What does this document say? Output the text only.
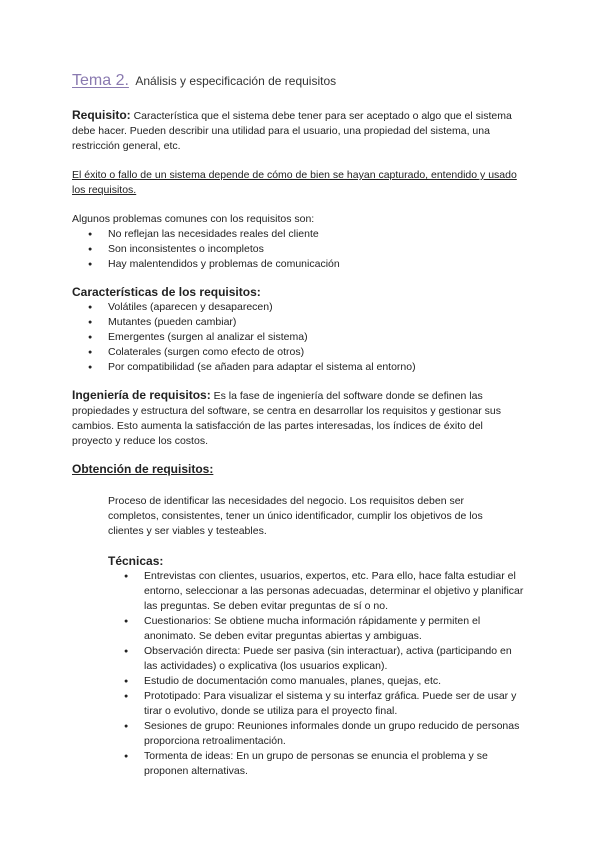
Tema 2. Análisis y especificación de requisitos

Requisito: Característica que el sistema debe tener para ser aceptado o algo que el sistema debe hacer. Pueden describir una utilidad para el usuario, una propiedad del sistema, una restricción general, etc.

El éxito o fallo de un sistema depende de cómo de bien se hayan capturado, entendido y usado los requisitos.

Algunos problemas comunes con los requisitos son:

● No reflejan las necesidades reales del cliente
● Son inconsistentes o incompletos
● Hay malentendidos y problemas de comunicación

Características de los requisitos:

● Volátiles (aparecen y desaparecen)
● Mutantes (pueden cambiar)
● Emergentes (surgen al analizar el sistema)
● Colaterales (surgen como efecto de otros)
● Por compatibilidad (se añaden para adaptar el sistema al entorno)

Ingeniería de requisitos: Es la fase de ingeniería del software donde se definen las propiedades y estructura del software, se centra en desarrollar los requisitos y gestionar sus cambios. Esto aumenta la satisfacción de las partes interesadas, los índices de éxito del proyecto y reduce los costos.

Obtención de requisitos:

Proceso de identificar las necesidades del negocio. Los requisitos deben ser completos, consistentes, tener un único identificador, cumplir los objetivos de los clientes y ser viables y testeables.

Técnicas:

● Entrevistas con clientes, usuarios, expertos, etc. Para ello, hace falta estudiar el entorno, seleccionar a las personas adecuadas, determinar el objetivo y planificar las preguntas. Se deben evitar preguntas de sí o no.
● Cuestionarios: Se obtiene mucha información rápidamente y permiten el anonimato. Se deben evitar preguntas abiertas y ambiguas.
● Observación directa: Puede ser pasiva (sin interactuar), activa (participando en las actividades) o explicativa (los usuarios explican).
● Estudio de documentación como manuales, planes, quejas, etc.
● Prototipado: Para visualizar el sistema y su interfaz gráfica. Puede ser de usar y tirar o evolutivo, donde se utiliza para el proyecto final.
● Sesiones de grupo: Reuniones informales donde un grupo reducido de personas proporciona retroalimentación.
● Tormenta de ideas: En un grupo de personas se enuncia el problema y se proponen alternativas.
